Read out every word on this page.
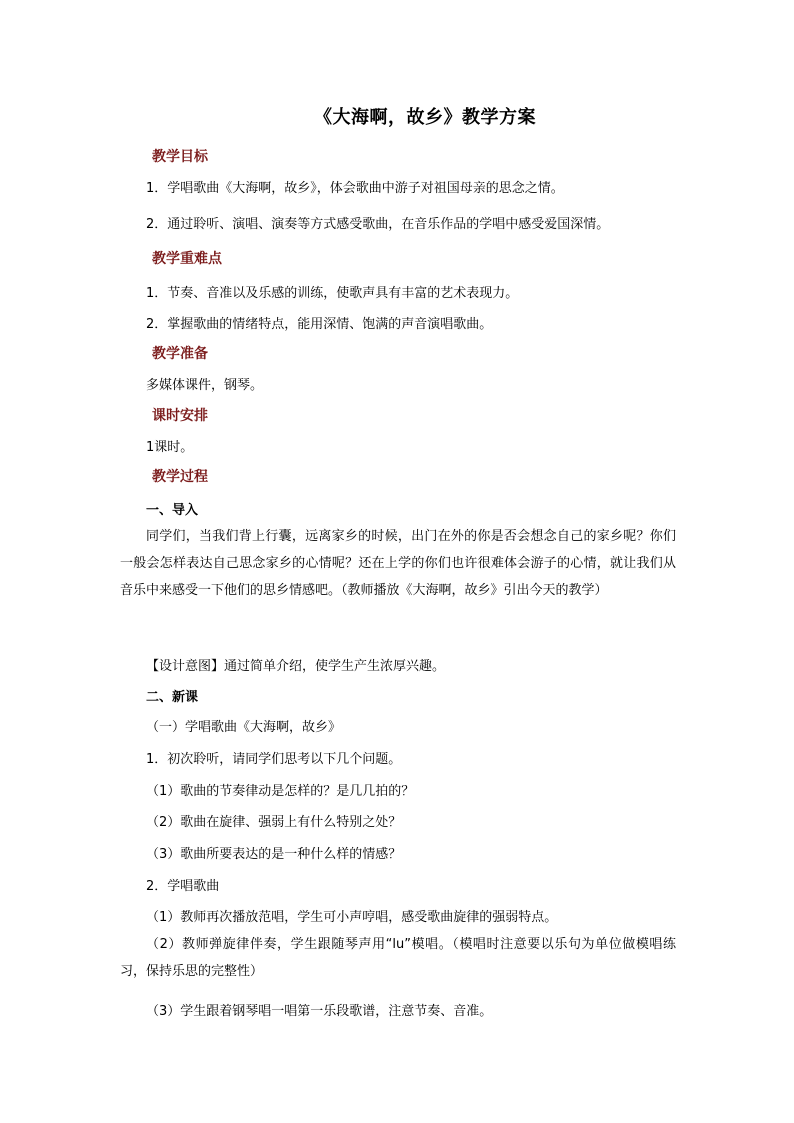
《大海啊，故乡》教学方案
教学目标
1．学唱歌曲《大海啊，故乡》，体会歌曲中游子对祖国母亲的思念之情。
2．通过聆听、演唱、演奏等方式感受歌曲，在音乐作品的学唱中感受爱国深情。
教学重难点
1．节奏、音准以及乐感的训练，使歌声具有丰富的艺术表现力。
2．掌握歌曲的情绪特点，能用深情、饱满的声音演唱歌曲。
教学准备
多媒体课件，钢琴。
课时安排
1课时。
教学过程
一、导入
同学们，当我们背上行囊，远离家乡的时候，出门在外的你是否会想念自己的家乡呢？你们一般会怎样表达自己思念家乡的心情呢？还在上学的你们也许很难体会游子的心情，就让我们从音乐中来感受一下他们的思乡情感吧。（教师播放《大海啊，故乡》引出今天的教学）
【设计意图】通过简单介绍，使学生产生浓厚兴趣。
二、新课
（一）学唱歌曲《大海啊，故乡》
1．初次聆听，请同学们思考以下几个问题。
（1）歌曲的节奏律动是怎样的？是几几拍的？
（2）歌曲在旋律、强弱上有什么特别之处？
（3）歌曲所要表达的是一种什么样的情感？
2．学唱歌曲
（1）教师再次播放范唱，学生可小声哼唱，感受歌曲旋律的强弱特点。
（2）教师弹旋律伴奏，学生跟随琴声用“lu”模唱。（模唱时注意要以乐句为单位做模唱练习，保持乐思的完整性）
（3）学生跟着钢琴唱一唱第一乐段歌谱，注意节奏、音准。
